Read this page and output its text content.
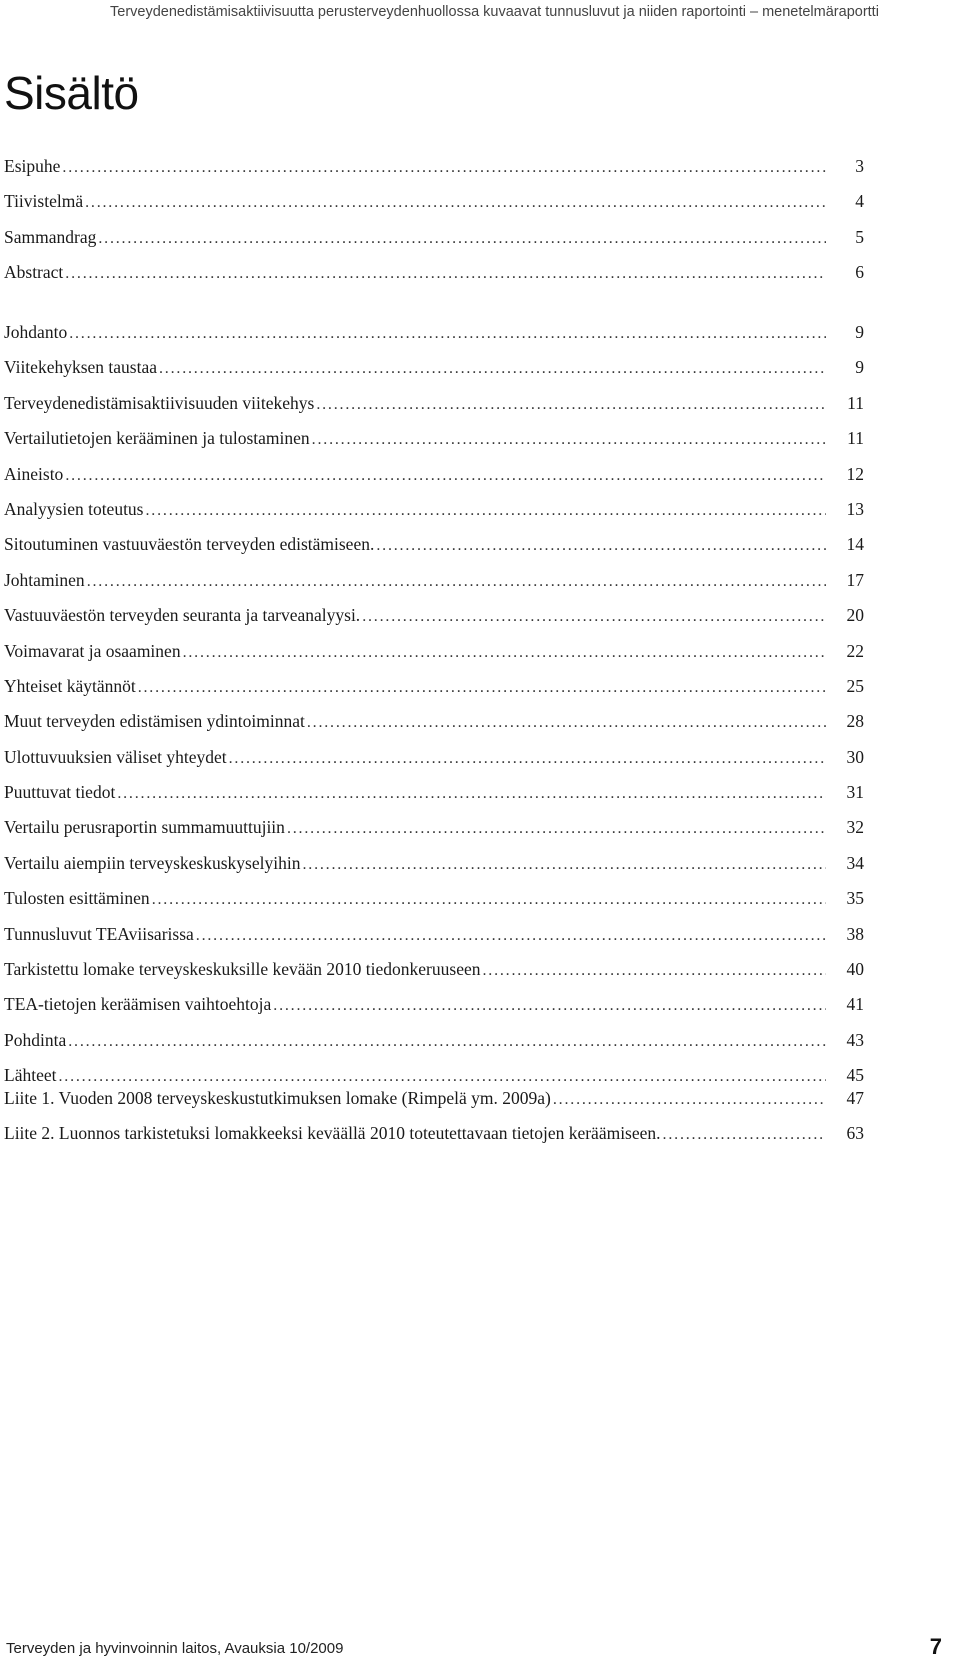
Terveydenedistämisaktiivisuutta perusterveydenhuollossa kuvaavat tunnusluvut ja niiden raportointi – menetelmäraportti
Sisältö
Esipuhe . . .	3
Tiivistelmä . . .	4
Sammandrag . . .	5
Abstract . . .	6
Johdanto . . .	9
Viitekehyksen taustaa . . .	9
Terveydenedistämisaktiivisuuden viitekehys . . .	11
Vertailutietojen kerääminen ja tulostaminen . . .	11
Aineisto . . .	12
Analyysien toteutus . . .	13
Sitoutuminen vastuuväestön terveyden edistämiseen. . . .	14
Johtaminen . . .	17
Vastuuväestön terveyden seuranta ja tarveanalyysi. . . .	20
Voimavarat ja osaaminen . . .	22
Yhteiset käytännöt . . .	25
Muut terveyden edistämisen ydintoiminnat . . .	28
Ulottuvuuksien väliset yhteydet . . .	30
Puuttuvat tiedot . . .	31
Vertailu perusraportin summamuuttujiin . . .	32
Vertailu aiempiin terveyskeskuskyselyihin . . .	34
Tulosten esittäminen . . .	35
Tunnusluvut TEAviisarissa . . .	38
Tarkistettu lomake terveyskeskuksille kevään 2010 tiedonkeruuseen . . .	40
TEA-tietojen keräämisen vaihtoehtoja . . .	41
Pohdinta . . .	43
Lähteet . . .	45
Liite 1. Vuoden 2008 terveyskeskustutkimuksen lomake (Rimpelä ym. 2009a) . . .	47
Liite 2. Luonnos tarkistetuksi lomakkeeksi keväällä 2010 toteutettavaan tietojen keräämiseen. . . .	63
Terveyden ja hyvinvoinnin laitos, Avauksia 10/2009	7
